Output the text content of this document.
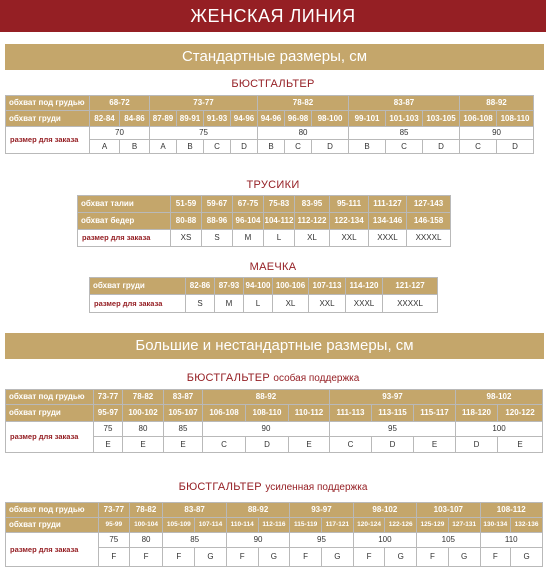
ЖЕНСКАЯ ЛИНИЯ
Стандартные размеры, см
БЮСТГАЛЬТЕР
обхват под грудью	68-72		73-77				78-82			83-87			88-92	
обхват груди	82-84	84-86	87-89	89-91	91-93	94-96	94-96	96-98	98-100	99-101	101-103	103-105	106-108	108-110
размер для заказа	70		75				80			85			90	
	A	B	A	B	C	D	B	C	D	B	C	D	C	D
ТРУСИКИ
обхват талии	51-59	59-67	67-75	75-83	83-95	95-111	111-127	127-143
обхват бедер	80-88	88-96	96-104	104-112	112-122	122-134	134-146	146-158
размер для заказа	XS	S	M	L	XL	XXL	XXXL	XXXXL
МАЕЧКА
обхват груди	82-86	87-93	94-100	100-106	107-113	114-120	121-127
размер для заказа	S	M	L	XL	XXL	XXXL	XXXXL
Большие и нестандартные размеры, см
БЮСТГАЛЬТЕР особая поддержка
обхват под грудью	73-77	78-82	83-87	88-92			93-97			98-102	
обхват груди	95-97	100-102	105-107	106-108	108-110	110-112	111-113	113-115	115-117	118-120	120-122
размер для заказа	75	80	85	90			95			100	
	E	E	E	C	D	E	C	D	E	D	E
БЮСТГАЛЬТЕР усиленная поддержка
обхват под грудью	73-77	78-82	83-87		88-92		93-97		98-102		103-107		108-112	
обхват груди	95-99	100-104	105-109	107-114	110-114	112-116	115-119	117-121	120-124	122-126	125-129	127-131	130-134	132-136
размер для заказа	75	80	85		90		95		100		105		110	
	F	F	F	G	F	G	F	G	F	G	F	G	F	G
